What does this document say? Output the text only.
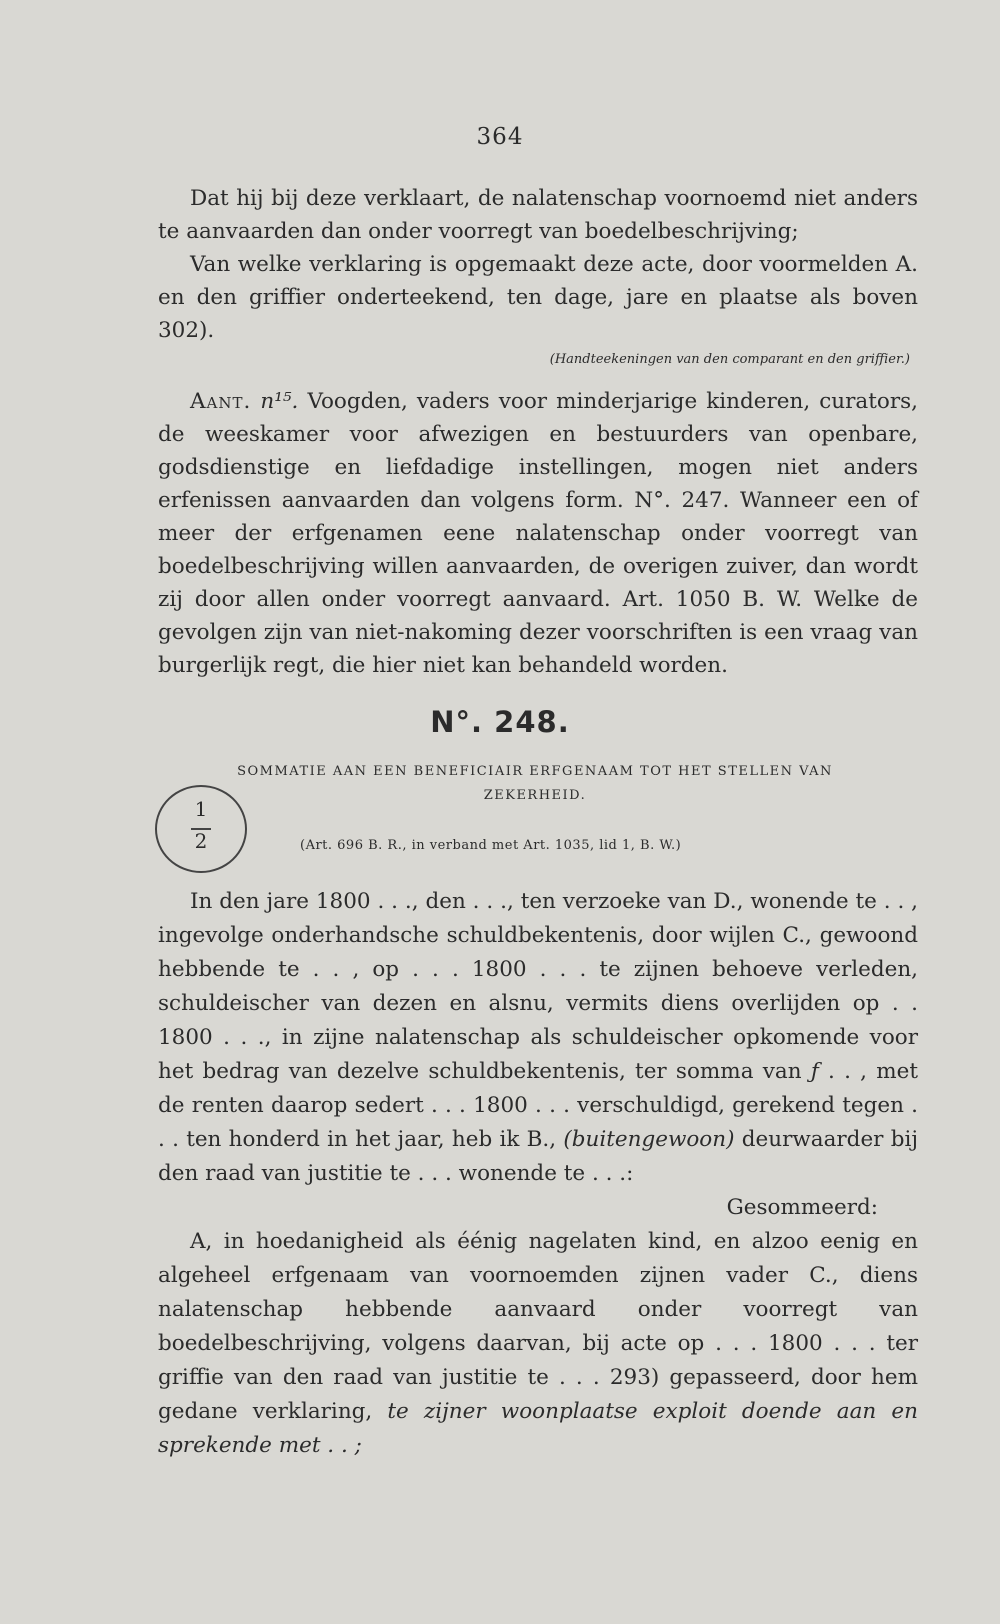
364

Dat hij bij deze verklaart, de nalatenschap voornoemd niet anders te aanvaarden dan onder voorregt van boedelbeschrijving;

Van welke verklaring is opgemaakt deze acte, door voormelden A. en den griffier onderteekend, ten dage, jare en plaatse als boven 302).

(Handteekeningen van den comparant en den griffier.)

Aant. n¹⁵. Voogden, vaders voor minderjarige kinderen, curators, de weeskamer voor afwezigen en bestuurders van openbare, godsdienstige en liefdadige instellingen, mogen niet anders erfenissen aanvaarden dan volgens form. N°. 247. Wanneer een of meer der erfgenamen eene nalatenschap onder voorregt van boedelbeschrijving willen aanvaarden, de overigen zuiver, dan wordt zij door allen onder voorregt aanvaard. Art. 1050 B. W. Welke de gevolgen zijn van niet-nakoming dezer voorschriften is een vraag van burgerlijk regt, die hier niet kan behandeld worden.

N°. 248.
SOMMATIE AAN EEN BENEFICIAIR ERFGENAAM TOT HET STELLEN VAN ZEKERHEID.
1
2	(Art. 696 B. R., in verband met Art. 1035, lid 1, B. W.)

In den jare 1800 . . ., den . . ., ten verzoeke van D., wonende te . . , ingevolge onderhandsche schuldbekentenis, door wijlen C., gewoond hebbende te . . , op . . . 1800 . . . te zijnen behoeve verleden, schuldeischer van dezen en alsnu, vermits diens overlijden op . . 1800 . . ., in zijne nalatenschap als schuldeischer opkomende voor het bedrag van dezelve schuldbekentenis, ter somma van ƒ . . , met de renten daarop sedert . . . 1800 . . . verschuldigd, gerekend tegen . . . ten honderd in het jaar, heb ik B., (buitengewoon) deurwaarder bij den raad van justitie te . . . wonende te . . .:
Gesommeerd:

A, in hoedanigheid als éénig nagelaten kind, en alzoo eenig en algeheel erfgenaam van voornoemden zijnen vader C., diens nalatenschap hebbende aanvaard onder voorregt van boedelbeschrijving, volgens daarvan, bij acte op . . . 1800 . . . ter griffie van den raad van justitie te . . . 293) gepasseerd, door hem gedane verklaring, te zijner woonplaatse exploit doende aan en sprekende met . . ;
